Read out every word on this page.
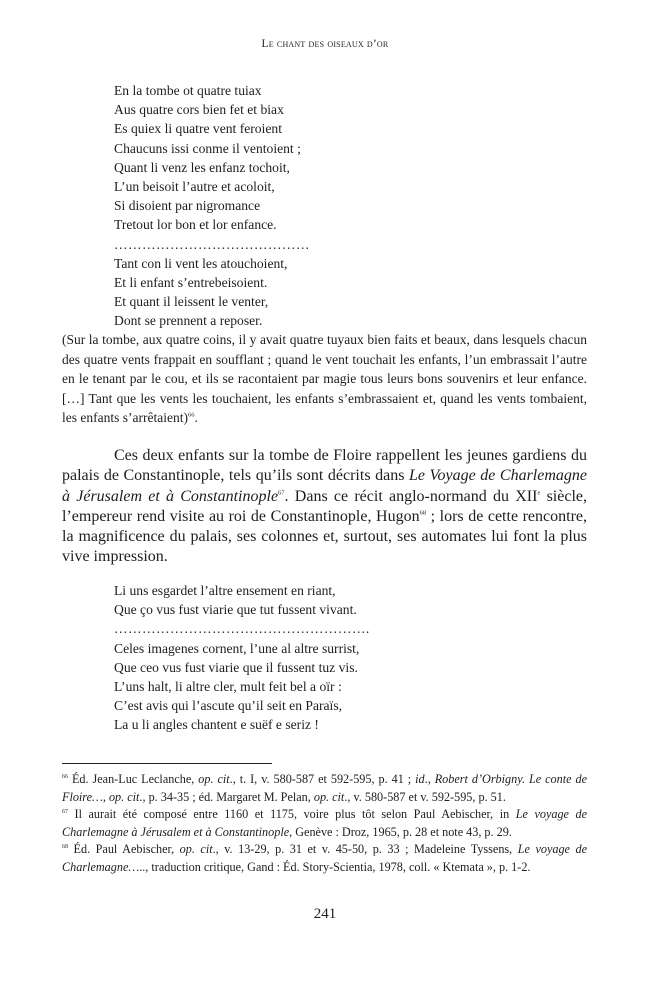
Le chant des oiseaux d’or
En la tombe ot quatre tuiax
Aus quatre cors bien fet et biax
Es quiex li quatre vent feroient
Chaucuns issi conme il ventoient ;
Quant li venz les enfanz tochoit,
L’un beisoit l’autre et acoloit,
Si disoient par nigromance
Tretout lor bon et lor enfance.
……………………………………
Tant con li vent les atouchoient,
Et li enfant s’entrebeisoient.
Et quant il leissent le venter,
Dont se prennent a reposer.
(Sur la tombe, aux quatre coins, il y avait quatre tuyaux bien faits et beaux, dans lesquels chacun des quatre vents frappait en soufflant ; quand le vent touchait les enfants, l’un embrassait l’autre en le tenant par le cou, et ils se racontaient par magie tous leurs bons souvenirs et leur enfance. […] Tant que les vents les touchaient, les enfants s’embrassaient et, quand les vents tombaient, les enfants s’arrêtaient)$^{66}$.
Ces deux enfants sur la tombe de Floire rappellent les jeunes gardiens du palais de Constantinople, tels qu’ils sont décrits dans Le Voyage de Charlemagne à Jérusalem et à Constantinople$^{67}$. Dans ce récit anglo-normand du XIIe siècle, l’empereur rend visite au roi de Constantinople, Hugon$^{68}$ ; lors de cette rencontre, la magnificence du palais, ses colonnes et, surtout, ses automates lui font la plus vive impression.
Li uns esgardet l’altre ensement en riant,
Que ço vus fust viarie que tut fussent vivant.
……………………………………………….
Celes imagenes cornent, l’une al altre surrist,
Que ceo vus fust viarie que il fussent tuz vis.
L’uns halt, li altre cler, mult feit bel a oïr :
C’est avis qui l’ascute qu’il seit en Paraïs,
La u li angles chantent e suëf e seriz !
$^{66}$ Éd. Jean-Luc Leclanche, op. cit., t. I, v. 580-587 et 592-595, p. 41 ; id., Robert d’Orbigny. Le conte de Floire…, op. cit., p. 34-35 ; éd. Margaret M. Pelan, op. cit., v. 580-587 et v. 592-595, p. 51.
$^{67}$ Il aurait été composé entre 1160 et 1175, voire plus tôt selon Paul Aebischer, in Le voyage de Charlemagne à Jérusalem et à Constantinople, Genève : Droz, 1965, p. 28 et note 43, p. 29.
$^{68}$ Éd. Paul Aebischer, op. cit., v. 13-29, p. 31 et v. 45-50, p. 33 ; Madeleine Tyssens, Le voyage de Charlemagne….., traduction critique, Gand : Éd. Story-Scientia, 1978, coll. « Ktemata », p. 1-2.
241
